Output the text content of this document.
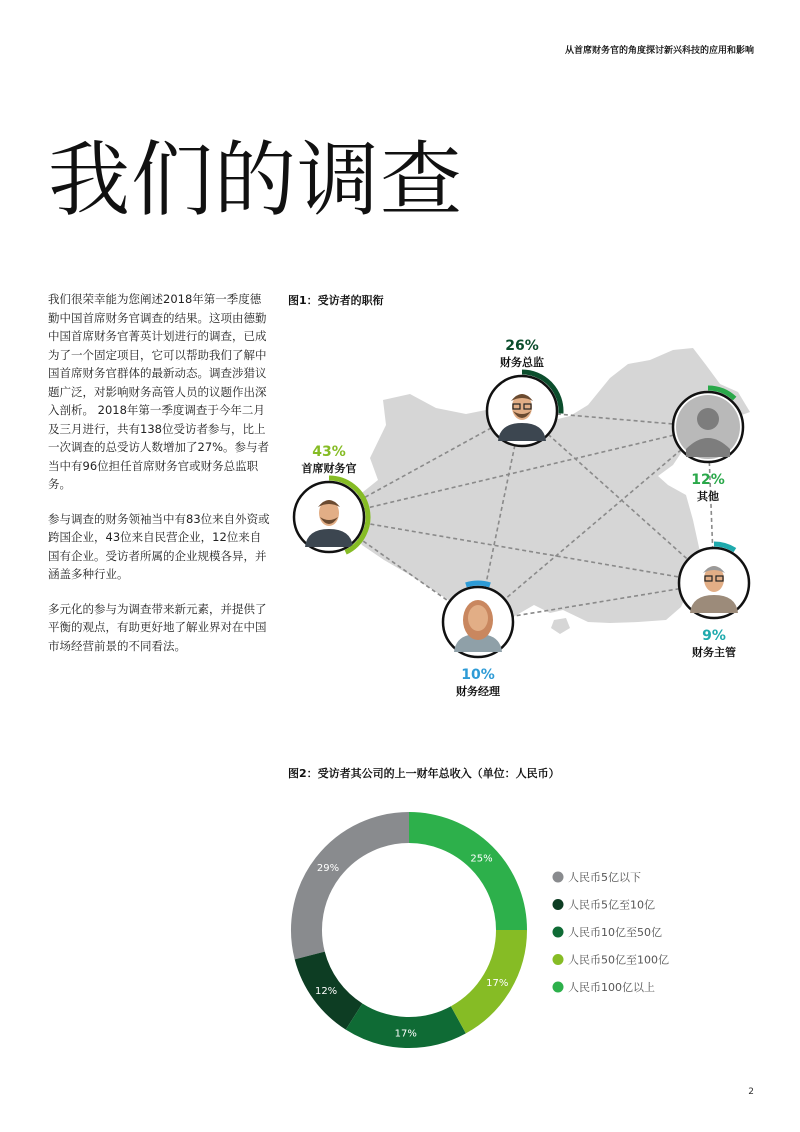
从首席财务官的角度探讨新兴科技的应用和影响
我们的调查

我们很荣幸能为您阐述2018年第一季度德勤中国首席财务官调查的结果。这项由德勤中国首席财务官菁英计划进行的调查，已成为了一个固定项目，它可以帮助我们了解中国首席财务官群体的最新动态。调查涉猎议题广泛，对影响财务高管人员的议题作出深入剖析。 2018年第一季度调查于今年二月及三月进行，共有138位受访者参与，比上一次调查的总受访人数增加了27%。参与者当中有96位担任首席财务官或财务总监职务。

参与调查的财务领袖当中有83位来自外资或跨国企业，43位来自民营企业，12位来自国有企业。受访者所属的企业规模各异，并涵盖多种行业。

多元化的参与为调查带来新元素，并提供了平衡的观点，有助更好地了解业界对在中国市场经营前景的不同看法。

图1：受访者的职衔
26%
财务总监
43%
首席财务官
12%
其他
9%
财务主管
10%
财务经理
图2：受访者其公司的上一财年总收入（单位：人民币）
29%
12%
17%
17%
25%
人民币5亿以下
人民币5亿至10亿
人民币10亿至50亿
人民币50亿至100亿
人民币100亿以上
2
